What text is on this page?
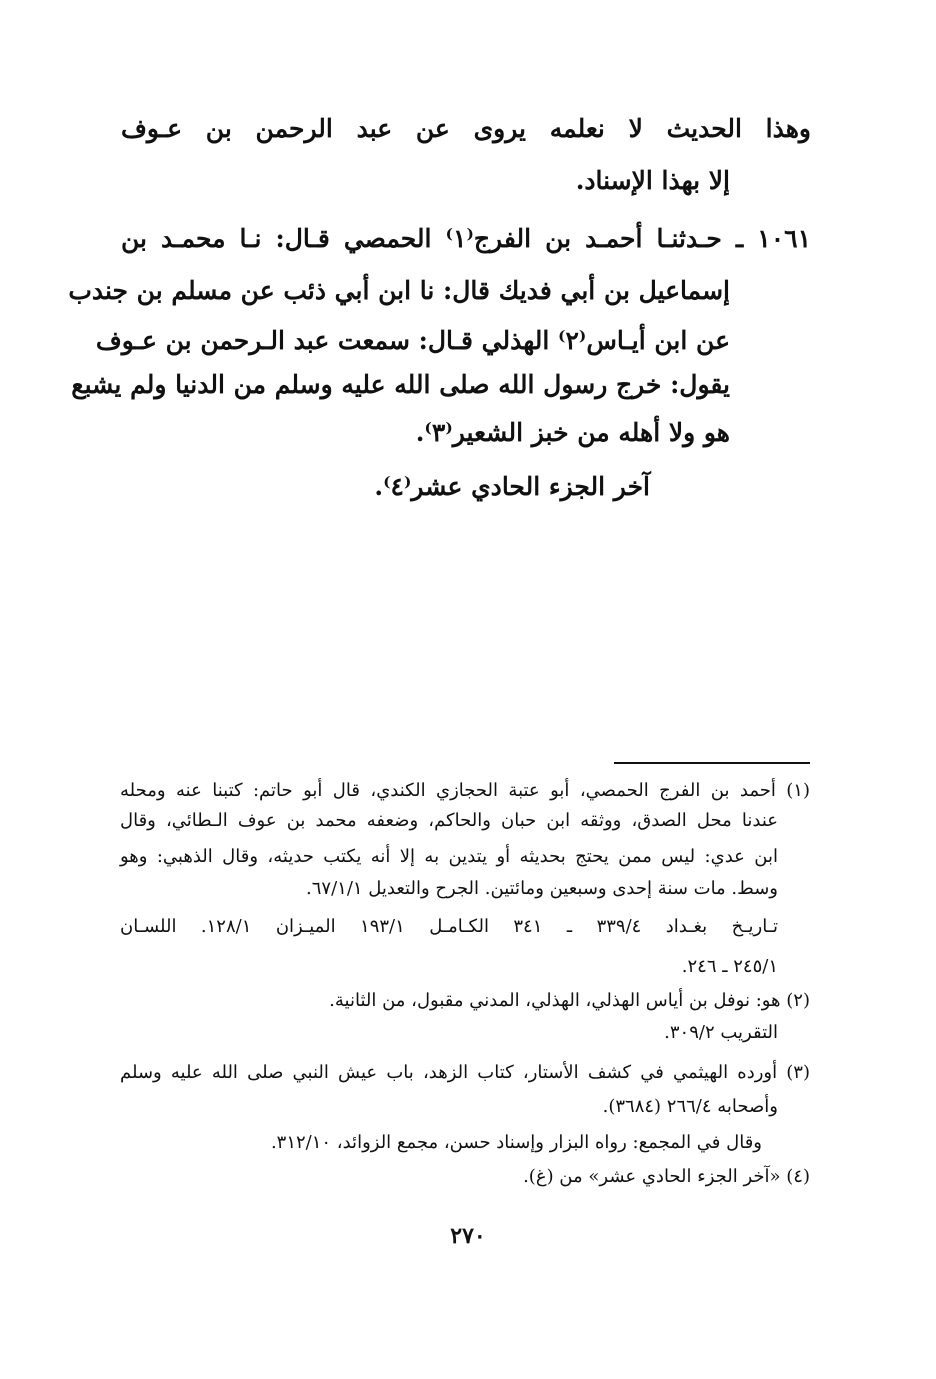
وهذا الحديث لا نعلمه يروى عن عبد الرحمن بن عـوف
إلا بهذا الإسناد.
١٠٦١ ـ حـدثنـا أحمـد بن الفرج⁽١⁾ الحمصي قـال: نـا محمـد بن
إسماعيل بن أبي فديك قال: نا ابن أبي ذئب عن مسلم بن جندب
عن ابن أيـاس⁽٢⁾ الهذلي قـال: سمعت عبد الـرحمن بن عـوف
يقول: خرج رسول الله صلى الله عليه وسلم من الدنيا ولم يشبع
هو ولا أهله من خبز الشعير⁽٣⁾.
آخر الجزء الحادي عشر⁽٤⁾.
(١) أحمد بن الفرج الحمصي، أبو عتبة الحجازي الكندي، قال أبو حاتم: كتبنا عنه ومحله
عندنا محل الصدق، ووثقه ابن حبان والحاكم، وضعفه محمد بن عوف الـطائي، وقال
ابن عدي: ليس ممن يحتج بحديثه أو يتدين به إلا أنه يكتب حديثه، وقال الذهبي: وهو
وسط. مات سنة إحدى وسبعين ومائتين. الجرح والتعديل ٦٧/١/١.
تـاريـخ بغـداد ٣٣٩/٤ ـ ٣٤١ الكـامـل ١٩٣/١ الميـزان ١٢٨/١. اللسـان
٢٤٥/١ ـ ٢٤٦.
(٢) هو: نوفل بن أياس الهذلي، الهذلي، المدني مقبول، من الثانية.
التقريب ٣٠٩/٢.
(٣) أورده الهيثمي في كشف الأستار، كتاب الزهد، باب عيش النبي صلى الله عليه وسلم
وأصحابه ٢٦٦/٤ (٣٦٨٤).
وقال في المجمع: رواه البزار وإسناد حسن، مجمع الزوائد، ٣١٢/١٠.
(٤) «آخر الجزء الحادي عشر» من (غ).
٢٧٠
